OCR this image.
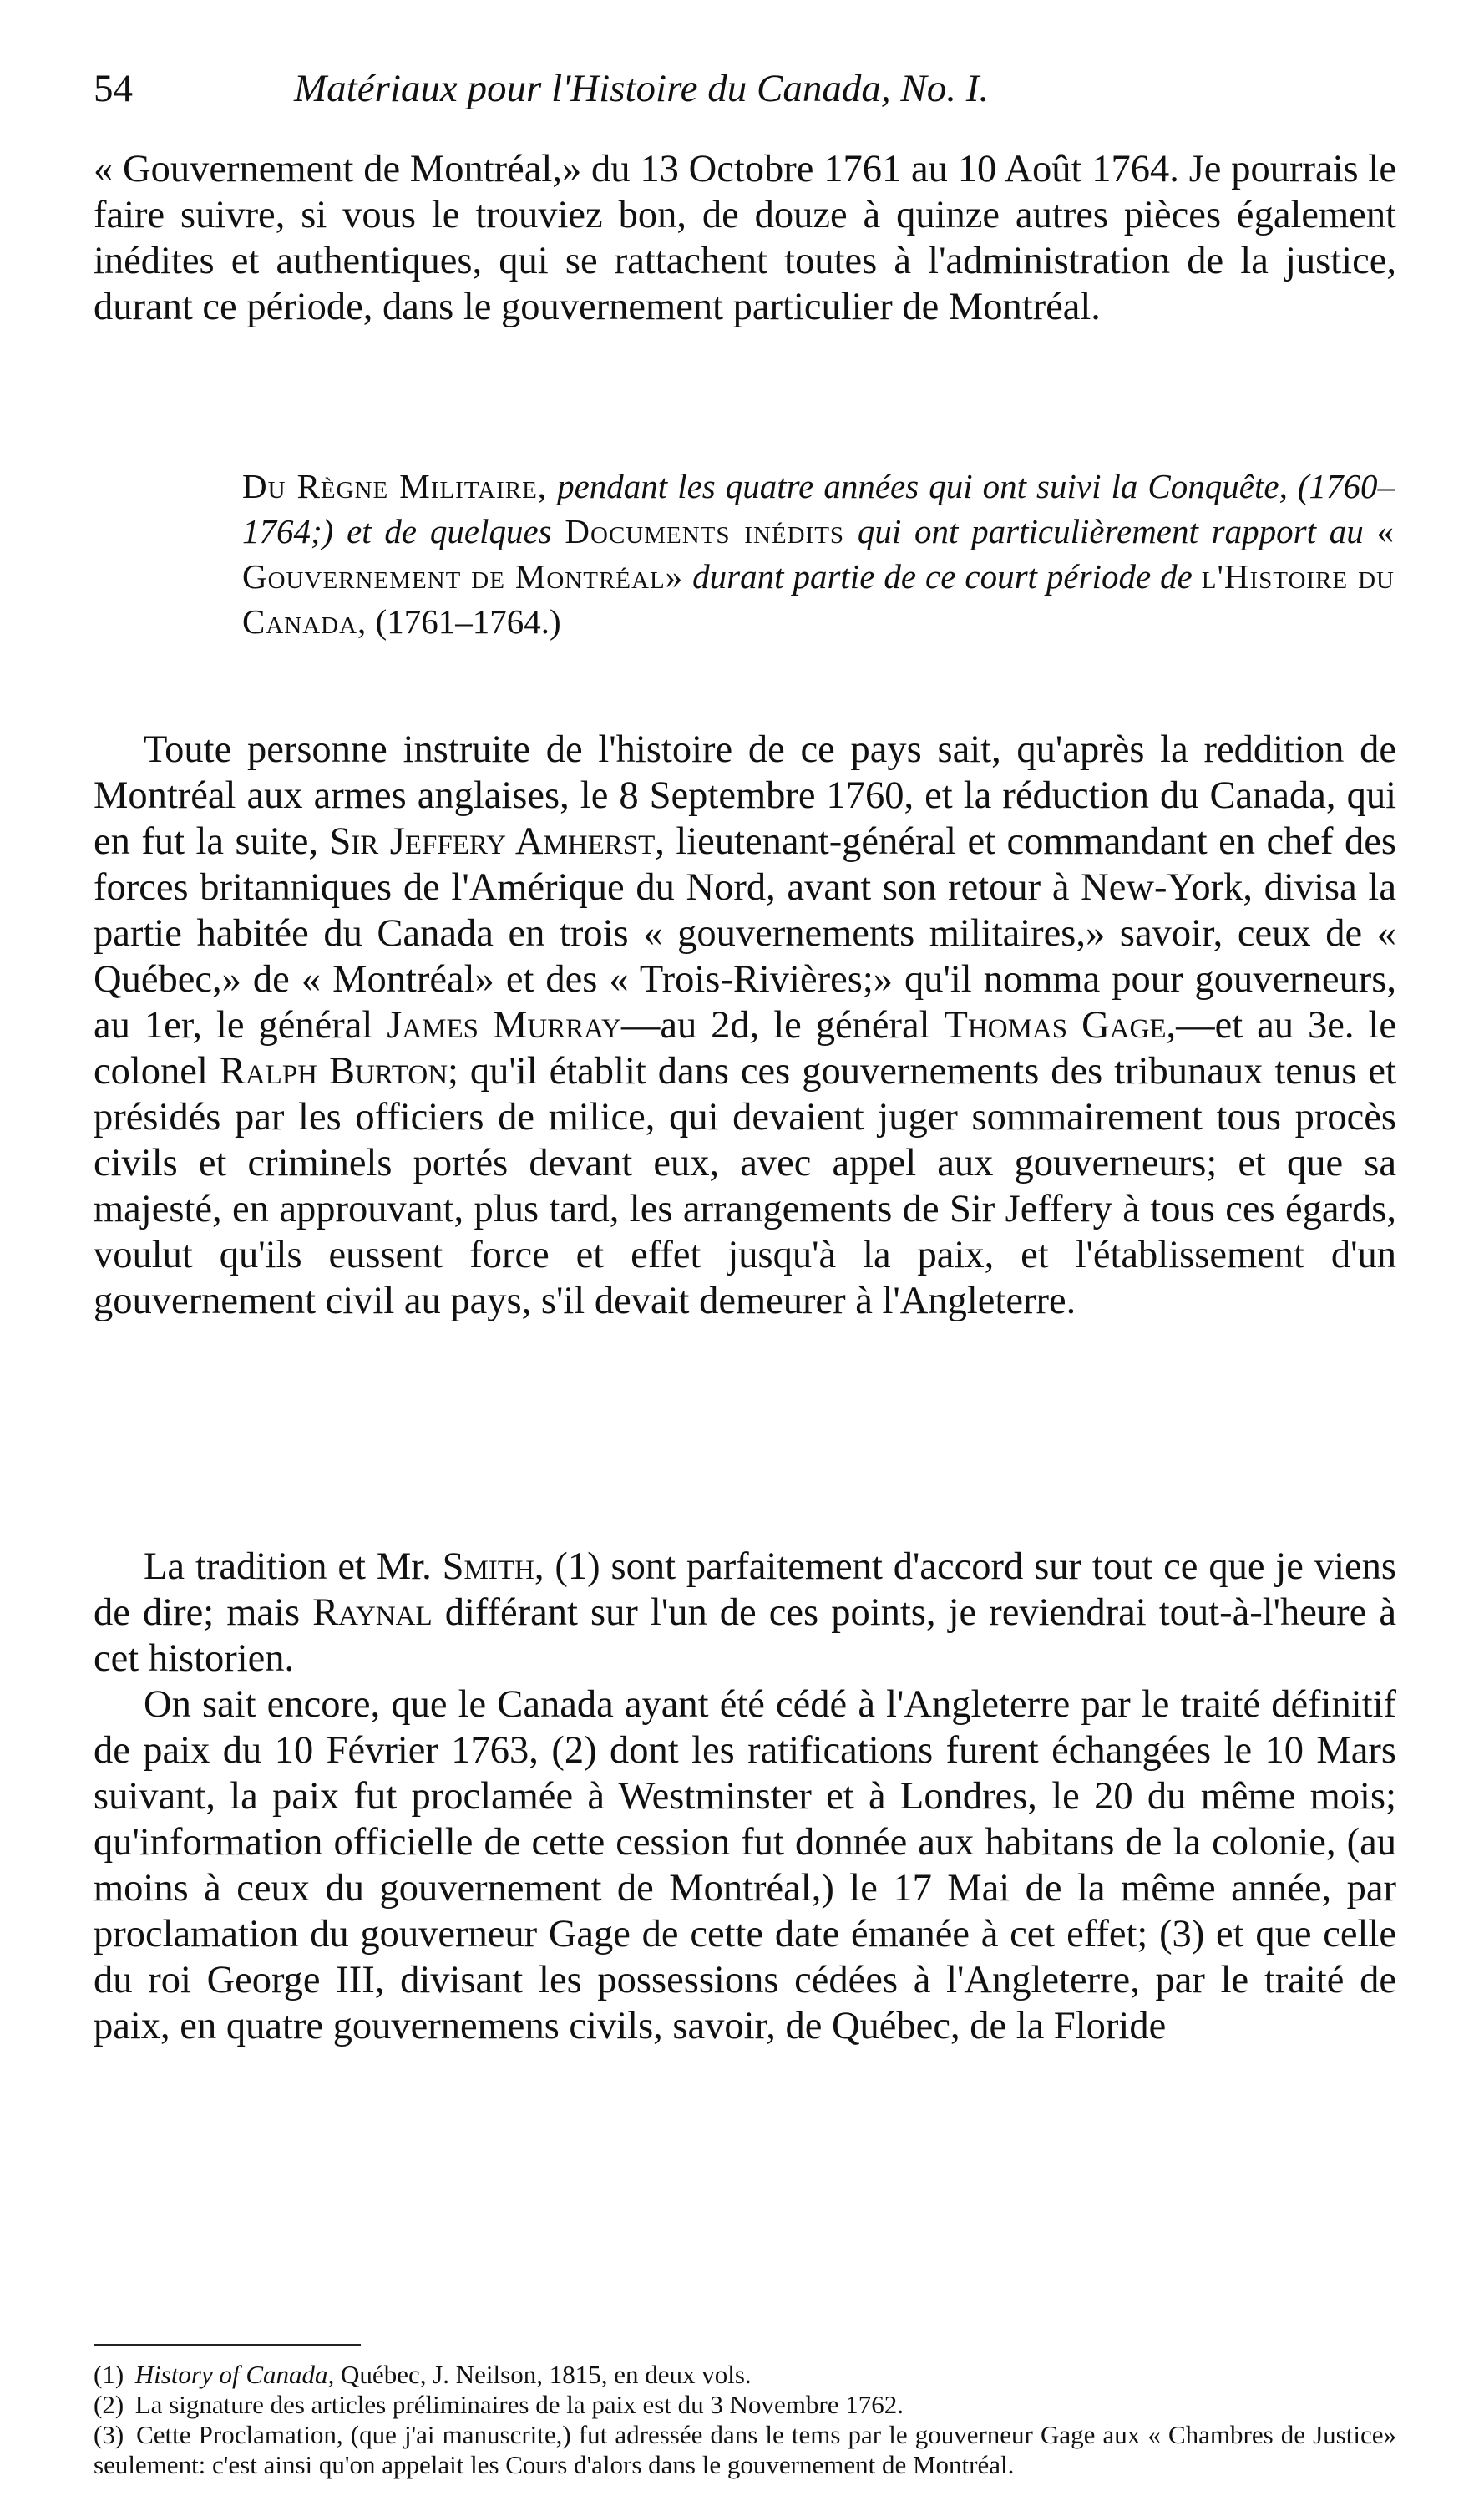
54	Matériaux pour l'Histoire du Canada, No. I.
« Gouvernement de Montréal,» du 13 Octobre 1761 au 10 Août 1764. Je pourrais le faire suivre, si vous le trouviez bon, de douze à quinze autres pièces également inédites et authentiques, qui se rattachent toutes à l'administration de la justice, durant ce période, dans le gouvernement particulier de Montréal.
Du Règne Militaire, pendant les quatre années qui ont suivi la Conquête, (1760–1764;) et de quelques Documents inédits qui ont particulièrement rapport au « Gouvernement de Montréal» durant partie de ce court période de l'Histoire du Canada, (1761–1764.)
Toute personne instruite de l'histoire de ce pays sait, qu'après la reddition de Montréal aux armes anglaises, le 8 Septembre 1760, et la réduction du Canada, qui en fut la suite, Sir Jeffery Amherst, lieutenant-général et commandant en chef des forces britanniques de l'Amérique du Nord, avant son retour à New-York, divisa la partie habitée du Canada en trois « gouvernements militaires,» savoir, ceux de « Québec,» de « Montréal» et des « Trois-Rivières;» qu'il nomma pour gouverneurs, au 1er, le général James Murray—au 2d, le général Thomas Gage,—et au 3e. le colonel Ralph Burton; qu'il établit dans ces gouvernements des tribunaux tenus et présidés par les officiers de milice, qui devaient juger sommairement tous procès civils et criminels portés devant eux, avec appel aux gouverneurs; et que sa majesté, en approuvant, plus tard, les arrangements de Sir Jeffery à tous ces égards, voulut qu'ils eussent force et effet jusqu'à la paix, et l'établissement d'un gouvernement civil au pays, s'il devait demeurer à l'Angleterre.
La tradition et Mr. Smith, (1) sont parfaitement d'accord sur tout ce que je viens de dire; mais Raynal différant sur l'un de ces points, je reviendrai tout-à-l'heure à cet historien.
On sait encore, que le Canada ayant été cédé à l'Angleterre par le traité définitif de paix du 10 Février 1763, (2) dont les ratifications furent échangées le 10 Mars suivant, la paix fut proclamée à Westminster et à Londres, le 20 du même mois; qu'information officielle de cette cession fut donnée aux habitans de la colonie, (au moins à ceux du gouvernement de Montréal,) le 17 Mai de la même année, par proclamation du gouverneur Gage de cette date émanée à cet effet; (3) et que celle du roi George III, divisant les possessions cédées à l'Angleterre, par le traité de paix, en quatre gouvernemens civils, savoir, de Québec, de la Floride
(1) History of Canada, Québec, J. Neilson, 1815, en deux vols.
(2) La signature des articles préliminaires de la paix est du 3 Novembre 1762.
(3) Cette Proclamation, (que j'ai manuscrite,) fut adressée dans le tems par le gouverneur Gage aux « Chambres de Justice» seulement: c'est ainsi qu'on appelait les Cours d'alors dans le gouvernement de Montréal.
